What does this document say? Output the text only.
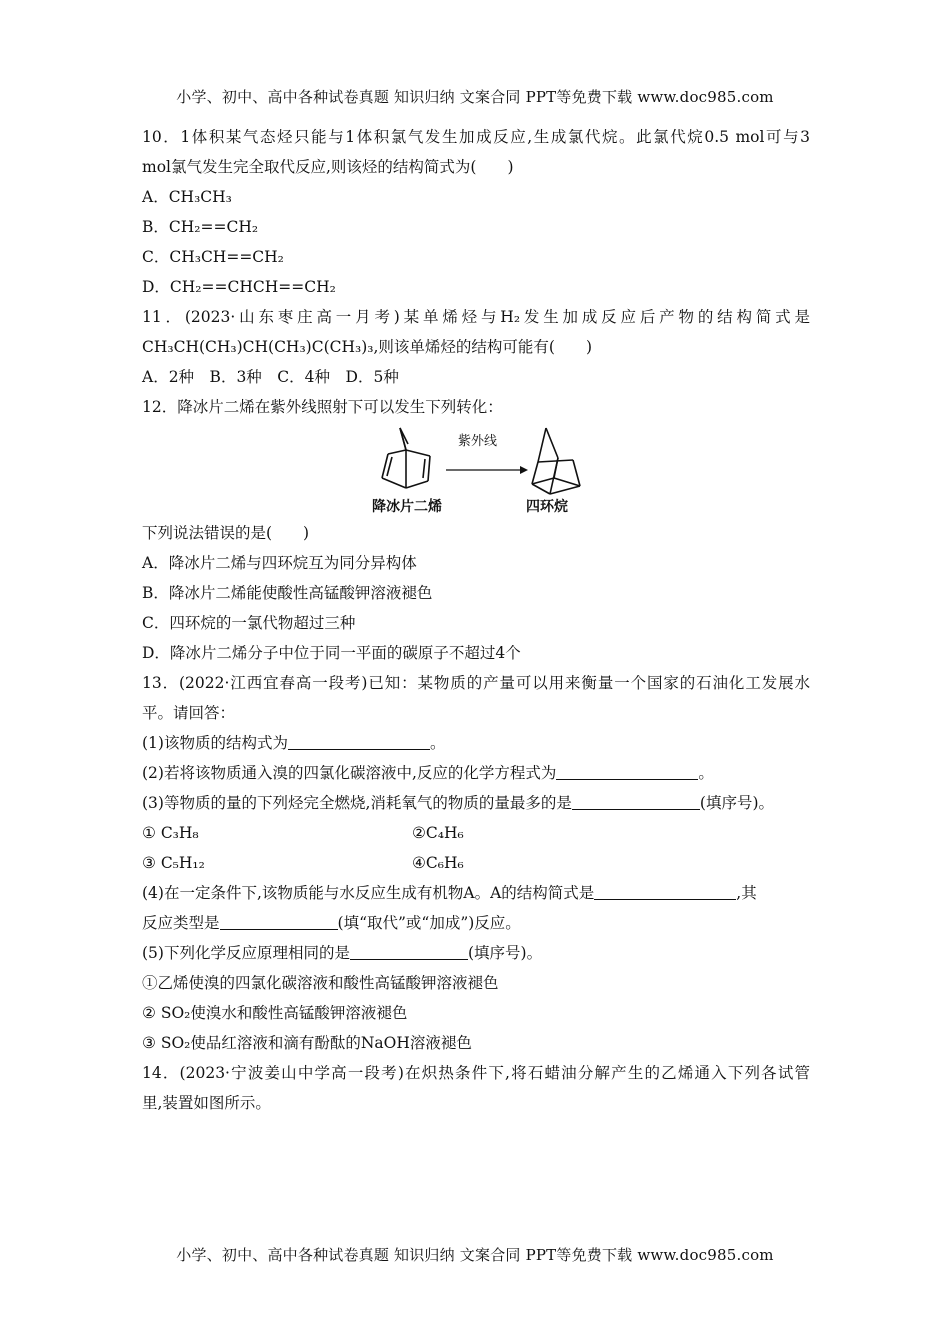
小学、初中、高中各种试卷真题 知识归纳 文案合同 PPT等免费下载 www.doc985.com
10．1体积某气态烃只能与1体积氯气发生加成反应,生成氯代烷。此氯代烷0.5 mol可与3
mol氯气发生完全取代反应,则该烃的结构简式为(　　)
A．CH₃CH₃
B．CH₂==CH₂
C．CH₃CH==CH₂
D．CH₂==CHCH==CH₂
11．(2023·山东枣庄高一月考)某单烯烃与H₂发生加成反应后产物的结构简式是
CH₃CH(CH₃)CH(CH₃)C(CH₃)₃,则该单烯烃的结构可能有(　　)
A．2种　B．3种　C．4种　D．5种
12．降冰片二烯在紫外线照射下可以发生下列转化：
紫外线
降冰片二烯	四环烷
下列说法错误的是(　　)
A．降冰片二烯与四环烷互为同分异构体
B．降冰片二烯能使酸性高锰酸钾溶液褪色
C．四环烷的一氯代物超过三种
D．降冰片二烯分子中位于同一平面的碳原子不超过4个
13．(2022·江西宜春高一段考)已知：某物质的产量可以用来衡量一个国家的石油化工发展水
平。请回答：
(1)该物质的结构式为	。
(2)若将该物质通入溴的四氯化碳溶液中,反应的化学方程式为	。
(3)等物质的量的下列烃完全燃烧,消耗氧气的物质的量最多的是	(填序号)。
① C₃H₈	②C₄H₆
③ C₅H₁₂	④C₆H₆
(4)在一定条件下,该物质能与水反应生成有机物A。A的结构简式是	,其
反应类型是	(填“取代”或“加成”)反应。
(5)下列化学反应原理相同的是	(填序号)。
①乙烯使溴的四氯化碳溶液和酸性高锰酸钾溶液褪色
② SO₂使溴水和酸性高锰酸钾溶液褪色
③ SO₂使品红溶液和滴有酚酞的NaOH溶液褪色
14．(2023·宁波姜山中学高一段考)在炽热条件下,将石蜡油分解产生的乙烯通入下列各试管
里,装置如图所示。
小学、初中、高中各种试卷真题 知识归纳 文案合同 PPT等免费下载 www.doc985.com
